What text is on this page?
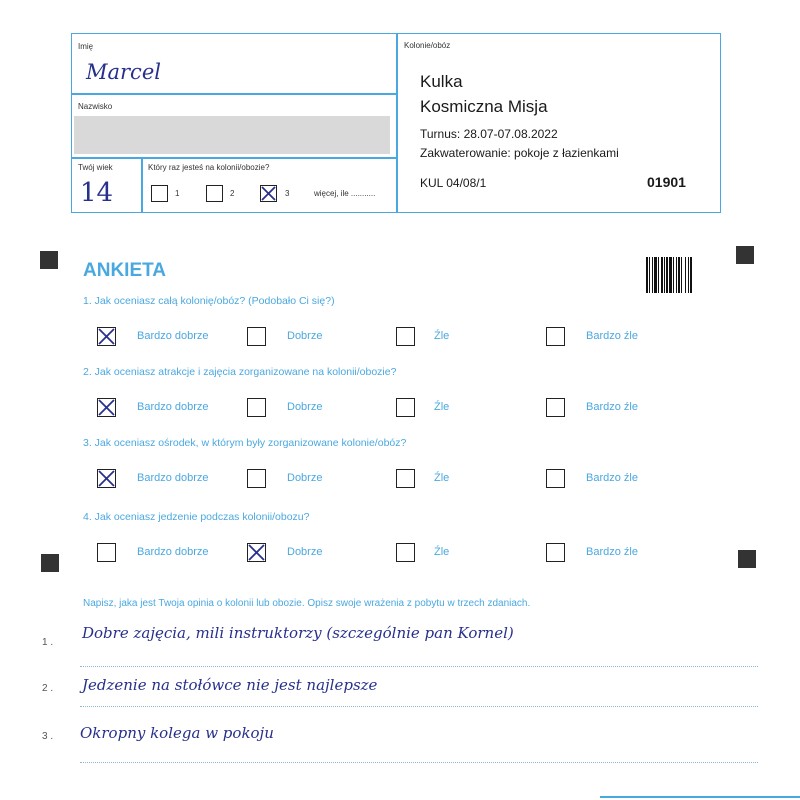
Imię
Marcel
Nazwisko
Twój wiek
14
Który raz jesteś na kolonii/obozie?
1	2	3	więcej, ile ...........
Kolonie/obóz
Kulka
Kosmiczna Misja
Turnus: 28.07-07.08.2022
Zakwaterowanie: pokoje z łazienkami
KUL 04/08/1	01901
ANKIETA
1. Jak oceniasz całą kolonię/obóz? (Podobało Ci się?)
Bardzo dobrze	Dobrze	Źle	Bardzo źle
2. Jak oceniasz atrakcje i zajęcia zorganizowane na kolonii/obozie?
Bardzo dobrze	Dobrze	Źle	Bardzo źle
3. Jak oceniasz ośrodek, w którym były zorganizowane kolonie/obóz?
Bardzo dobrze	Dobrze	Źle	Bardzo źle
4. Jak oceniasz jedzenie podczas kolonii/obozu?
Bardzo dobrze	Dobrze	Źle	Bardzo źle
Napisz, jaka jest Twoja opinia o kolonii lub obozie. Opisz swoje wrażenia z pobytu w trzech zdaniach.
1 .
Dobre zajęcia, mili instruktorzy (szczególnie pan Kornel)
2 . Jedzenie na stołówce nie jest najlepsze
3 . Okropny kolega w pokoju
